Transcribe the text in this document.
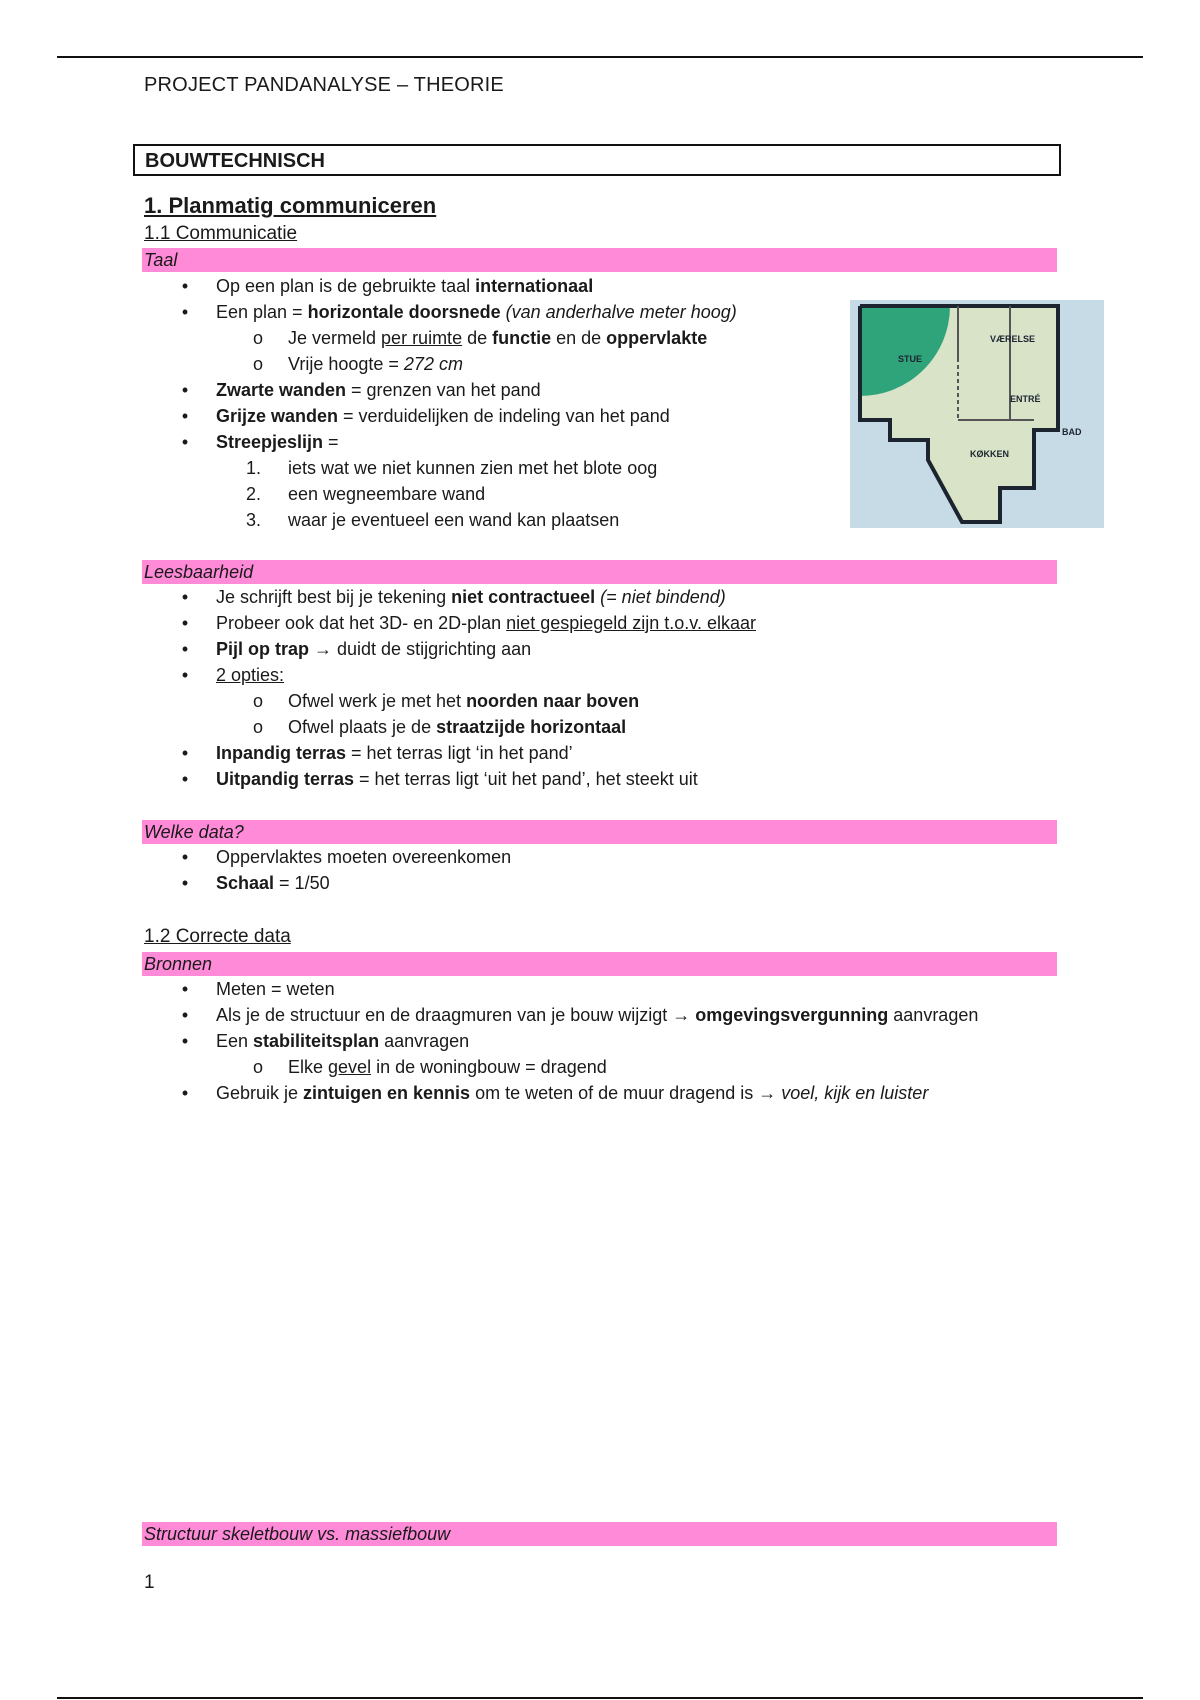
PROJECT PANDANALYSE – THEORIE
BOUWTECHNISCH
1. Planmatig communiceren
1.1 Communicatie
Taal
•	Op een plan is de gebruikte taal internationaal
•	Een plan = horizontale doorsnede (van anderhalve meter hoog)
o	Je vermeld per ruimte de functie en de oppervlakte
o	Vrije hoogte = 272 cm
•	Zwarte wanden = grenzen van het pand
•	Grijze wanden = verduidelijken de indeling van het pand
•	Streepjeslijn =
1.	iets wat we niet kunnen zien met het blote oog
2.	een wegneembare wand
3.	waar je eventueel een wand kan plaatsen
STUE
VÆRELSE
ENTRÉ
BAD
KØKKEN
Leesbaarheid
•	Je schrijft best bij je tekening niet contractueel (= niet bindend)
•	Probeer ook dat het 3D- en 2D-plan niet gespiegeld zijn t.o.v. elkaar
•	Pijl op trap → duidt de stijgrichting aan
•	2 opties:
o	Ofwel werk je met het noorden naar boven
o	Ofwel plaats je de straatzijde horizontaal
•	Inpandig terras = het terras ligt ‘in het pand’
•	Uitpandig terras = het terras ligt ‘uit het pand’, het steekt uit
Welke data?
•	Oppervlaktes moeten overeenkomen
•	Schaal = 1/50
1.2 Correcte data
Bronnen
•	Meten = weten
•	Als je de structuur en de draagmuren van je bouw wijzigt → omgevingsvergunning aanvragen
•	Een stabiliteitsplan aanvragen
o	Elke gevel in de woningbouw = dragend
•	Gebruik je zintuigen en kennis om te weten of de muur dragend is → voel, kijk en luister
Structuur skeletbouw vs. massiefbouw
1
